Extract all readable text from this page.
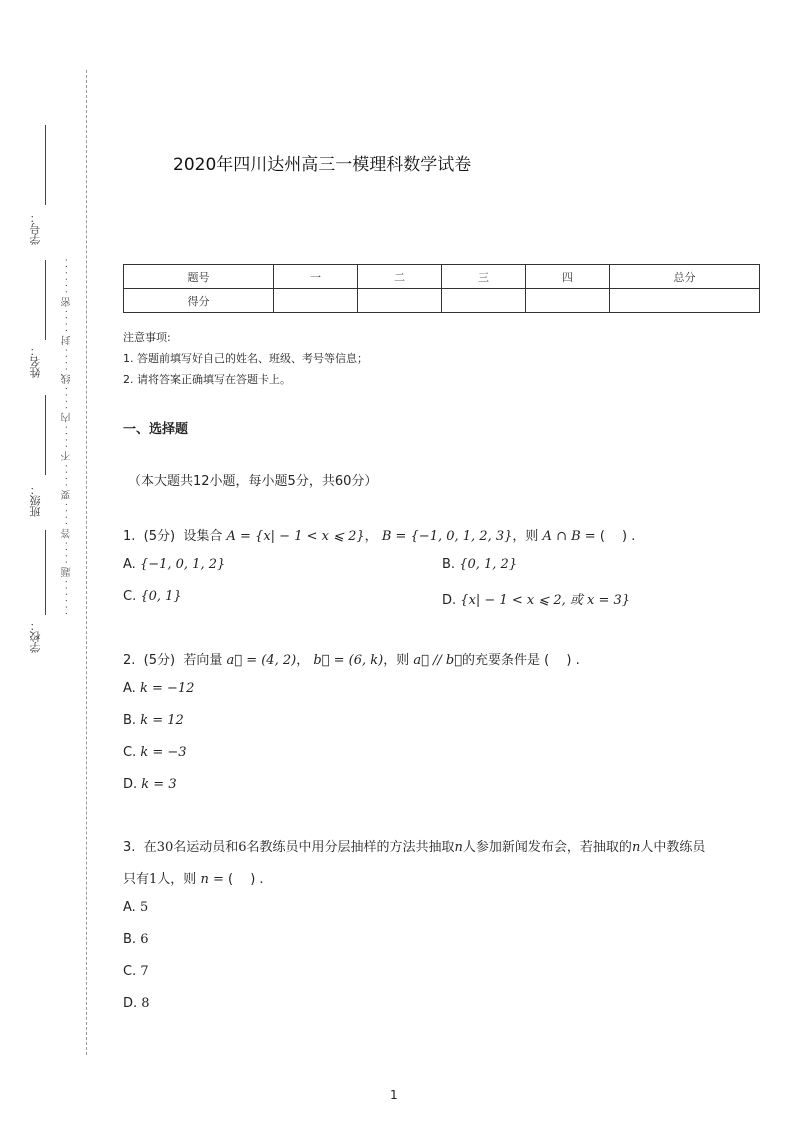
学号：
姓名：
班级：
学校：
· · · · · · 题 · · · · 答 · · · · 要 · · · · 不 · · · · 内 · · · · 线 · · · · 封 · · · · 密 · · · · · ·
2020年四川达州高三一模理科数学试卷
题号	一	二	三	四	总分
得分					
注意事项:
1. 答题前填写好自己的姓名、班级、考号等信息；
2. 请将答案正确填写在答题卡上。
一、选择题
（本大题共12小题，每小题5分，共60分）
1. (5分) 设集合 A = {x| − 1 < x ⩽ 2}， B = {−1, 0, 1, 2, 3}，则 A ∩ B = (　 ) .
A. {−1, 0, 1, 2}	B. {0, 1, 2}
C. {0, 1}	D. {x| − 1 < x ⩽ 2, 或 x = 3}
2. (5分) 若向量 a⃗ = (4, 2)， b⃗ = (6, k)，则 a⃗ // b⃗的充要条件是 (　 ) .
A. k = −12
B. k = 12
C. k = −3
D. k = 3
3. 在30名运动员和6名教练员中用分层抽样的方法共抽取n人参加新闻发布会，若抽取的n人中教练员
只有1人，则 n = (　 ) .
A. 5
B. 6
C. 7
D. 8
1
